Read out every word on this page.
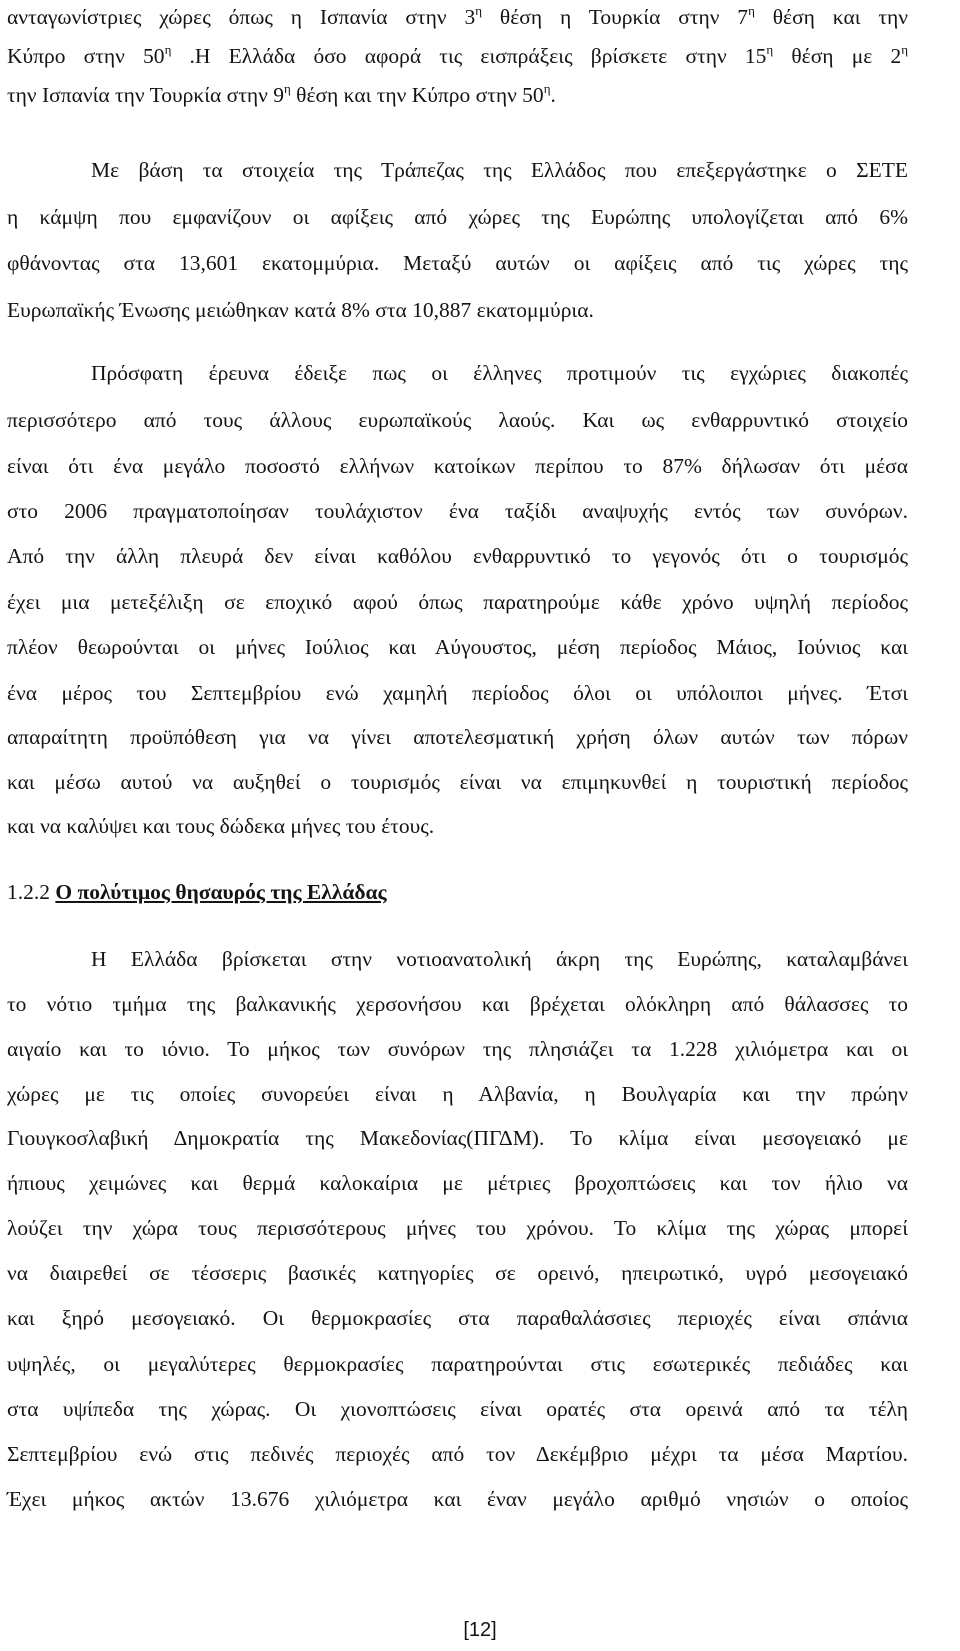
ανταγωνίστριες χώρες όπως η Ισπανία στην $3^\eta$ θέση η Τουρκία στην $7^\eta$ θέση και την

Κύπρο στην $50^\eta$ .Η Ελλάδα όσο αφορά τις εισπράξεις βρίσκετε στην $15^\eta$ θέση με $2^\eta$

την Ισπανία την Τουρκία στην $9^\eta$ θέση και την Κύπρο στην $50^\eta$.

Με βάση τα στοιχεία της Τράπεζας της Ελλάδος που επεξεργάστηκε ο ΣΕΤΕ

η κάμψη που εμφανίζουν οι αφίξεις από χώρες της Ευρώπης υπολογίζεται από 6%

φθάνοντας στα 13,601 εκατομμύρια. Μεταξύ αυτών οι αφίξεις από τις χώρες της

Ευρωπαϊκής Ένωσης μειώθηκαν κατά 8% στα 10,887 εκατομμύρια.

Πρόσφατη έρευνα έδειξε πως οι έλληνες προτιμούν τις εγχώριες διακοπές

περισσότερο από τους άλλους ευρωπαϊκούς λαούς. Και ως ενθαρρυντικό στοιχείο

είναι ότι ένα μεγάλο ποσοστό ελλήνων κατοίκων περίπου το 87% δήλωσαν ότι μέσα

στο 2006 πραγματοποίησαν τουλάχιστον ένα ταξίδι αναψυχής εντός των συνόρων.

Από την άλλη πλευρά δεν είναι καθόλου ενθαρρυντικό το γεγονός ότι ο τουρισμός

έχει μια μετεξέλιξη σε εποχικό αφού όπως παρατηρούμε κάθε χρόνο υψηλή περίοδος

πλέον θεωρούνται οι μήνες Ιούλιος και Αύγουστος, μέση περίοδος Μάιος, Ιούνιος και

ένα μέρος του Σεπτεμβρίου ενώ χαμηλή περίοδος όλοι οι υπόλοιποι μήνες. Έτσι

απαραίτητη προϋπόθεση για να γίνει αποτελεσματική χρήση όλων αυτών των πόρων

και μέσω αυτού να αυξηθεί ο τουρισμός είναι να επιμηκυνθεί η τουριστική περίοδος

και να καλύψει και τους δώδεκα μήνες του έτους.

1.2.2 Ο πολύτιμος θησαυρός της Ελλάδας

Η Ελλάδα βρίσκεται στην νοτιοανατολική άκρη της Ευρώπης, καταλαμβάνει

το νότιο τμήμα της βαλκανικής χερσονήσου και βρέχεται ολόκληρη από θάλασσες το

αιγαίο και το ιόνιο. Το μήκος των συνόρων της πλησιάζει τα 1.228 χιλιόμετρα και οι

χώρες με τις οποίες συνορεύει είναι η Αλβανία, η Βουλγαρία και την πρώην

Γιουγκοσλαβική Δημοκρατία της Μακεδονίας(ΠΓΔΜ). Το κλίμα είναι μεσογειακό με

ήπιους χειμώνες και θερμά καλοκαίρια με μέτριες βροχοπτώσεις και τον ήλιο να

λούζει την χώρα τους περισσότερους μήνες του χρόνου. Το κλίμα της χώρας μπορεί

να διαιρεθεί σε τέσσερις βασικές κατηγορίες σε ορεινό, ηπειρωτικό, υγρό μεσογειακό

και ξηρό μεσογειακό. Οι θερμοκρασίες στα παραθαλάσσιες περιοχές είναι σπάνια

υψηλές, οι μεγαλύτερες θερμοκρασίες παρατηρούνται στις εσωτερικές πεδιάδες και

στα υψίπεδα της χώρας. Οι χιονοπτώσεις είναι ορατές στα ορεινά από τα τέλη

Σεπτεμβρίου ενώ στις πεδινές περιοχές από τον Δεκέμβριο μέχρι τα μέσα Μαρτίου.

Έχει μήκος ακτών 13.676 χιλιόμετρα και έναν μεγάλο αριθμό νησιών ο οποίος

[12]
